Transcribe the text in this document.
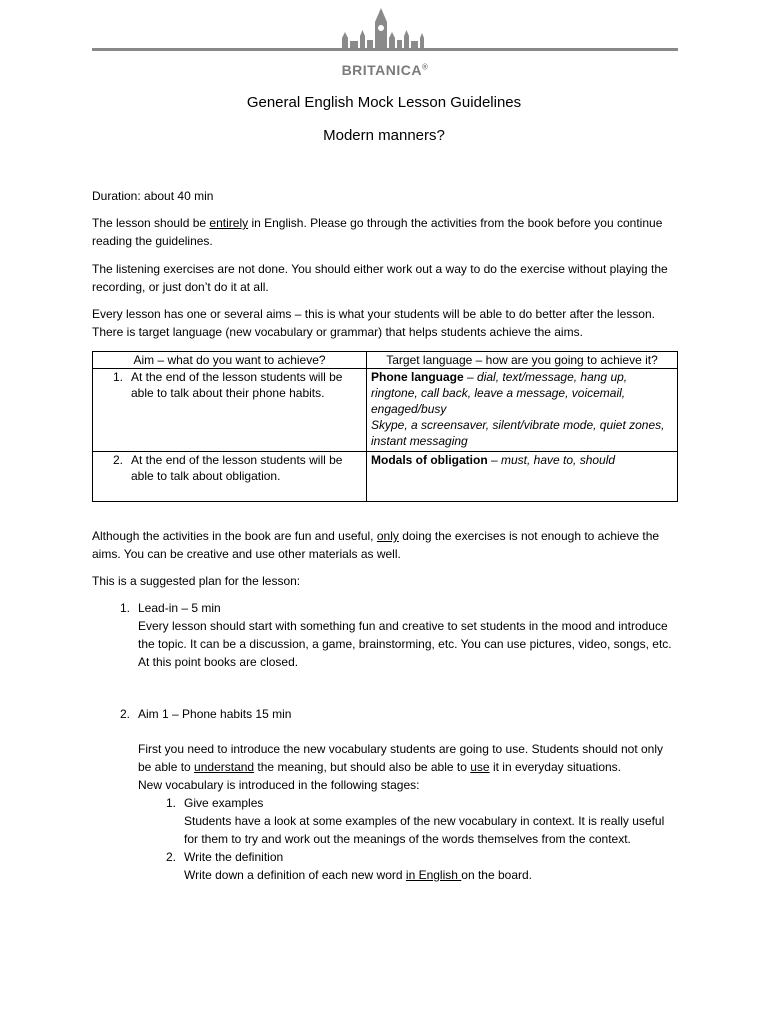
BRITANICA®
General English Mock Lesson Guidelines
Modern manners?
Duration: about 40 min

The lesson should be entirely in English. Please go through the activities from the book before you continue reading the guidelines.

The listening exercises are not done. You should either work out a way to do the exercise without playing the recording, or just don’t do it at all.

Every lesson has one or several aims – this is what your students will be able to do better after the lesson. There is target language (new vocabulary or grammar) that helps students achieve the aims.

Aim – what do you want to achieve?	Target language – how are you going to achieve it?

1. At the end of the lesson students will be able to talk about their phone habits.	Phone language – dial, text/message, hang up, ringtone, call back, leave a message, voicemail, engaged/busy
Skype, a screensaver, silent/vibrate mode, quiet zones, instant messaging

2. At the end of the lesson students will be able to talk about obligation.	Modals of obligation – must, have to, should

Although the activities in the book are fun and useful, only doing the exercises is not enough to achieve the aims. You can be creative and use other materials as well.

This is a suggested plan for the lesson:
1. Lead-in – 5 min
Every lesson should start with something fun and creative to set students in the mood and introduce the topic. It can be a discussion, a game, brainstorming, etc. You can use pictures, video, songs, etc.
At this point books are closed.
2. Aim 1 – Phone habits 15 min
First you need to introduce the new vocabulary students are going to use. Students should not only be able to understand the meaning, but should also be able to use it in everyday situations.
New vocabulary is introduced in the following stages:
1. Give examples
Students have a look at some examples of the new vocabulary in context. It is really useful for them to try and work out the meanings of the words themselves from the context.
2. Write the definition
Write down a definition of each new word in English on the board.
